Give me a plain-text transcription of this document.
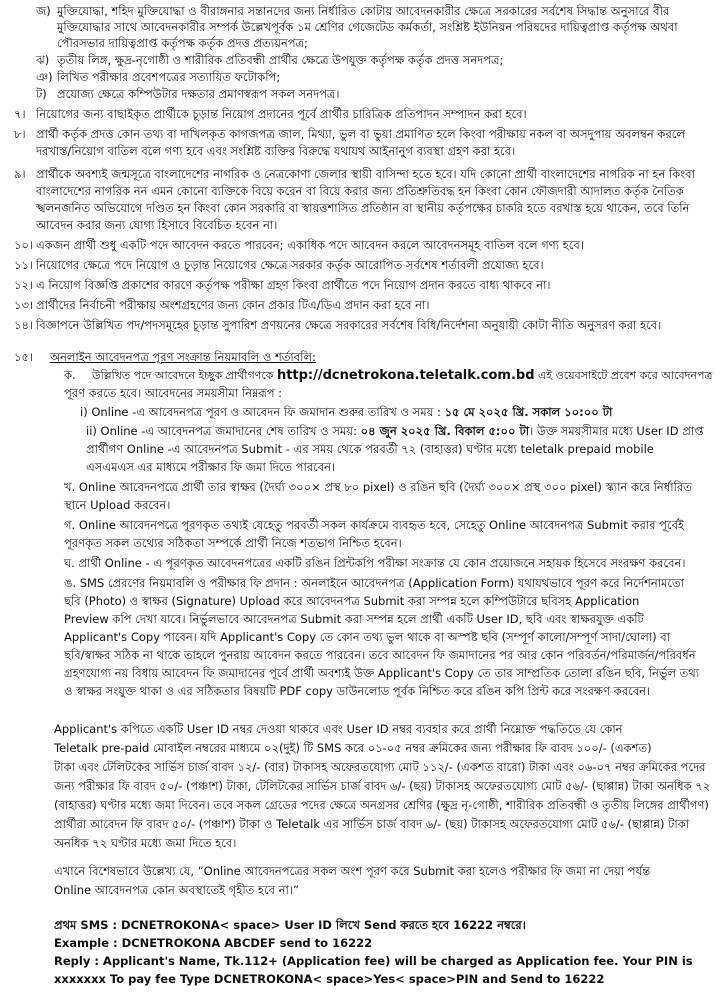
জ) মুক্তিযোদ্ধা, শহিদ মুক্তিযোদ্ধা ও বীরাঙ্গনার সন্তানদের জন্য নির্ধারিত কোটায় আবেদনকারীর ক্ষেত্রে সরকারের সর্বশেষ সিদ্ধান্ত অনুসারে বীর
মুক্তিযোদ্ধার সাথে আবেদনকারীর সম্পর্ক উল্লেখপূর্বক ১ম শ্রেণির গেজেটেড কর্মকর্তা, সংশ্লিষ্ট ইউনিয়ন পরিষদের দায়িত্বপ্রাপ্ত কর্তৃপক্ষ অথবা
পৌরসভার দায়িত্বপ্রাপ্ত কর্তৃপক্ষ কর্তৃক প্রদত্ত প্রত্যয়নপত্র;
ঝ) তৃতীয় লিঙ্গ, ক্ষুদ্র-নৃগোষ্ঠী ও শারীরিক প্রতিবন্ধী প্রার্থীর ক্ষেত্রে উপযুক্ত কর্তৃপক্ষ কর্তৃক প্রদত্ত সনদপত্র;
ঞ) লিখিত পরীক্ষার প্রবেশপত্রের সত্যায়িত ফটোকপি;
ট) প্রযোজ্য ক্ষেত্রে কম্পিউটার দক্ষতার প্রমাণস্বরূপ সকল সনদপত্র।
৭। নিয়োগের জন্য বাছাইকৃত প্রার্থীকে চূড়ান্ত নিয়োগ প্রদানের পূর্বে প্রার্থীর চারিত্রিক প্রতিপাদন সম্পাদন করা হবে।
৮। প্রার্থী কর্তৃক প্রদত্ত কোন তথ্য বা দাখিলকৃত কাগজপত্র জাল, মিথ্যা, ভুল বা ভুয়া প্রমাণিত হলে কিংবা পরীক্ষায় নকল বা অসদুপায় অবলম্বন করলে
দরখাস্ত/নিয়োগ বাতিল বলে গণ্য হবে এবং সংশ্লিষ্ট ব্যক্তির বিরুদ্ধে যথাযথ আইনানুগ ব্যবস্থা গ্রহণ করা হবে।
৯। প্রার্থীকে অবশ্যই জন্মসূত্রে বাংলাদেশের নাগরিক ও নেত্রকোণা জেলার স্থায়ী বাসিন্দা হতে হবে। যদি কোনো প্রার্থী বাংলাদেশের নাগরিক না হন কিংবা
বাংলাদেশের নাগরিক নন এমন কোনো ব্যক্তিকে বিয়ে করেন বা বিয়ে করার জন্য প্রতিশ্রুতিবদ্ধ হন কিংবা কোন ফৌজদারী আদালত কর্তৃক নৈতিক
স্খলনজনিত অভিযোগে দণ্ডিত হন কিংবা কোন সরকারি বা স্বায়ত্তশাসিত প্রতিষ্ঠান বা স্থানীয় কর্তৃপক্ষের চাকরি হতে বরখাস্ত হয়ে থাকেন, তবে তিনি
আবেদন করার জন্য যোগ্য হিসাবে বিবেচিত হবেন না।
১০। একজন প্রার্থী শুধু একটি পদে আবেদন করতে পারবেন; একাধিক পদে আবেদন করলে আবেদনসমূহ বাতিল বলে গণ্য হবে।
১১। নিয়োগের ক্ষেত্রে পদে নিয়োগ ও চূড়ান্ত নিয়োগের ক্ষেত্রে সরকার কর্তৃক আরোপিত সর্বশেষ শর্তাবলী প্রযোজ্য হবে।
১২। এ নিয়োগ বিজ্ঞপ্তি প্রকাশের কারণে কর্তৃপক্ষ পরীক্ষা গ্রহণ কিংবা প্রার্থীতে পদে নিয়োগ প্রদান করতে বাধ্য থাকবে না।
১৩। প্রার্থীদের নির্বাচনী পরীক্ষায় অংশগ্রহণের জন্য কোন প্রকার টিএ/ডিএ প্রদান করা হবে না।
১৪। বিজ্ঞাপনে উল্লিখিত পদ/পদসমূহের চূড়ান্ত সুপারিশ প্রণয়নের ক্ষেত্রে সরকারের সর্বশেষ বিধি/নির্দেশনা অনুযায়ী কোটা নীতি অনুসরণ করা হবে।
১৫। অনলাইন আবেদনপত্র পূরণ সংক্রান্ত নিয়মাবলি ও শর্তাবলি:
ক. উল্লিখিত পদে আবেদনে ইচ্ছুক প্রার্থীগণকে http://dcnetrokona.teletalk.com.bd এই ওয়েবসাইটে প্রবেশ করে আবেদনপত্র
পূরণ করতে হবে। আবেদনের সময়সীমা নিম্নরূপ :
i) Online -এ আবেদনপত্র পূরণ ও আবেদন ফি জমাদান শুরুর তারিখ ও সময় : ১৫ মে ২০২৫ খ্রি. সকাল ১০:০০ টা
ii) Online -এ আবেদনপত্র জমাদানের শেষ তারিখ ও সময়: ০৪ জুন ২০২৫ খ্রি. বিকাল ৫:০০ টা। উক্ত সময়সীমার মধ্যে User ID প্রাপ্ত
প্রার্থীগণ Online -এ আবেদনপত্র Submit - এর সময় থেকে পরবর্তী ৭২ (বাহাত্তর) ঘণ্টার মধ্যে teletalk prepaid mobile
এসএমএস এর মাধ্যমে পরীক্ষার ফি জমা দিতে পারবেন।
খ. Online আবেদনপত্রে প্রার্থী তার স্বাক্ষর (দৈর্ঘ্য ৩০০× প্রস্থ ৮০ pixel) ও রঙিন ছবি (দৈর্ঘ্য ৩০০× প্রস্থ ৩০০ pixel) স্ক্যান করে নির্ধারিত
স্থানে Upload করবেন।
গ. Online আবেদনপত্রে পূরণকৃত তথ্যই যেহেতু পরবর্তী সকল কার্যক্রমে ব্যবহৃত হবে, সেহেতু Online আবেদনপত্র Submit করার পূর্বেই
পূরণকৃত সকল তথ্যের সঠিকতা সম্পর্কে প্রার্থী নিজে শতভাগ নিশ্চিত হবেন।
ঘ. প্রার্থী Online - এ পূরণকৃত আবেদনপত্রের একটি রঙিন প্রিন্টকপি পরীক্ষা সংক্রান্ত যে কোন প্রয়োজনে সহায়ক হিসেবে সংরক্ষণ করবেন।
ঙ. SMS প্রেরণের নিয়মাবলি ও পরীক্ষার ফি প্রদান : অনলাইনে আবেদনপত্র (Application Form) যথাযথভাবে পূরণ করে নির্দেশনামতো
ছবি (Photo) ও স্বাক্ষর (Signature) Upload করে আবেদনপত্র Submit করা সম্পন্ন হলে কম্পিউটারে ছবিসহ Application
Preview কপি দেখা যাবে। নির্ভুলভাবে আবেদনপত্র Submit করা সম্পন্ন হলে প্রার্থী একটি User ID, ছবি এবং স্বাক্ষরযুক্ত একটি
Applicant's Copy পাবেন। যদি Applicant's Copy তে কোন তথ্য ভুল থাকে বা অস্পষ্ট ছবি (সম্পূর্ণ কালো/সম্পূর্ণ সাদা/ঘোলা) বা
ছবি/স্বাক্ষর সঠিক না থাকে তাহলে পুনরায় আবেদন করতে পারবেন। তবে আবেদন ফি জমাদানের পর আর কোন পরিবর্তন/পরিমার্জন/পরিবর্ধন
গ্রহণযোগ্য নয় বিধায় আবেদন ফি জমাদানের পূর্বে প্রার্থী অবশ্যই উক্ত Applicant's Copy তে তার সাম্প্রতিক তোলা রঙিন ছবি, নির্ভুল তথ্য
ও স্বাক্ষর সংযুক্ত থাকা ও এর সঠিকতার বিষয়টি PDF copy ডাউনলোড পূর্বক নিশ্চিত করে রঙিন কপি প্রিন্ট করে সংরক্ষণ করবেন।
Applicant's কপিতে একটি User ID নম্বর দেওয়া থাকবে এবং User ID নম্বর ব্যবহার করে প্রার্থী নিম্নোক্ত পদ্ধতিতে যে কোন
Teletalk pre-paid মোবাইল নম্বরের মাধ্যমে ০২(দুই) টি SMS করে ০১-০৫ নম্বর ক্রমিকের জন্য পরীক্ষার ফি বাবদ ১০০/- (একশত)
টাকা এবং টেলিটকের সার্ভিস চার্জ বাবদ ১২/- (বার) টাকাসহ অফেরতযোগ্য মোট ১১২/- (একশত বারো) টাকা এবং ০৬-০৭ নম্বর ক্রমিকের পদের
জন্য পরীক্ষার ফি বাবদ ৫০/- (পঞ্চাশ) টাকা, টেলিটকের সার্ভিস চার্জ বাবদ ৬/- (ছয়) টাকাসহ অফেরতযোগ্য মোট ৫৬/- (ছাপ্পান্ন) টাকা অনধিক ৭২
(বাহাত্তর) ঘণ্টার মধ্যে জমা দিবেন। তবে সকল গ্রেডের পদের ক্ষেত্রে অনগ্রসর শ্রেণির (ক্ষুদ্র নৃ-গোষ্ঠী, শারীরিক প্রতিবন্ধী ও তৃতীয় লিঙ্গের প্রার্থীগণ)
প্রার্থীরা আবেদন ফি বাবদ ৫০/- (পঞ্চাশ) টাকা ও Teletalk এর সার্ভিস চার্জ বাবদ ৬/- (ছয়) টাকাসহ অফেরতযোগ্য মোট ৫৬/- (ছাপ্পান্ন) টাকা
অনধিক ৭২ ঘণ্টার মধ্যে জমা দিতে হবে।
এখানে বিশেষভাবে উল্লেখ্য যে, “Online আবেদনপত্রের সকল অংশ পূরণ করে Submit করা হলেও পরীক্ষার ফি জমা না দেয়া পর্যন্ত
Online আবেদনপত্র কোন অবস্থাতেই গৃহীত হবে না।”
প্রথম SMS : DCNETROKONA< space> User ID লিখে Send করতে হবে 16222 নম্বরে।
Example : DCNETROKONA ABCDEF send to 16222
Reply : Applicant's Name, Tk.112+ (Application fee) will be charged as Application fee. Your PIN is
xxxxxxx To pay fee Type DCNETROKONA< space>Yes< space>PIN and Send to 16222
